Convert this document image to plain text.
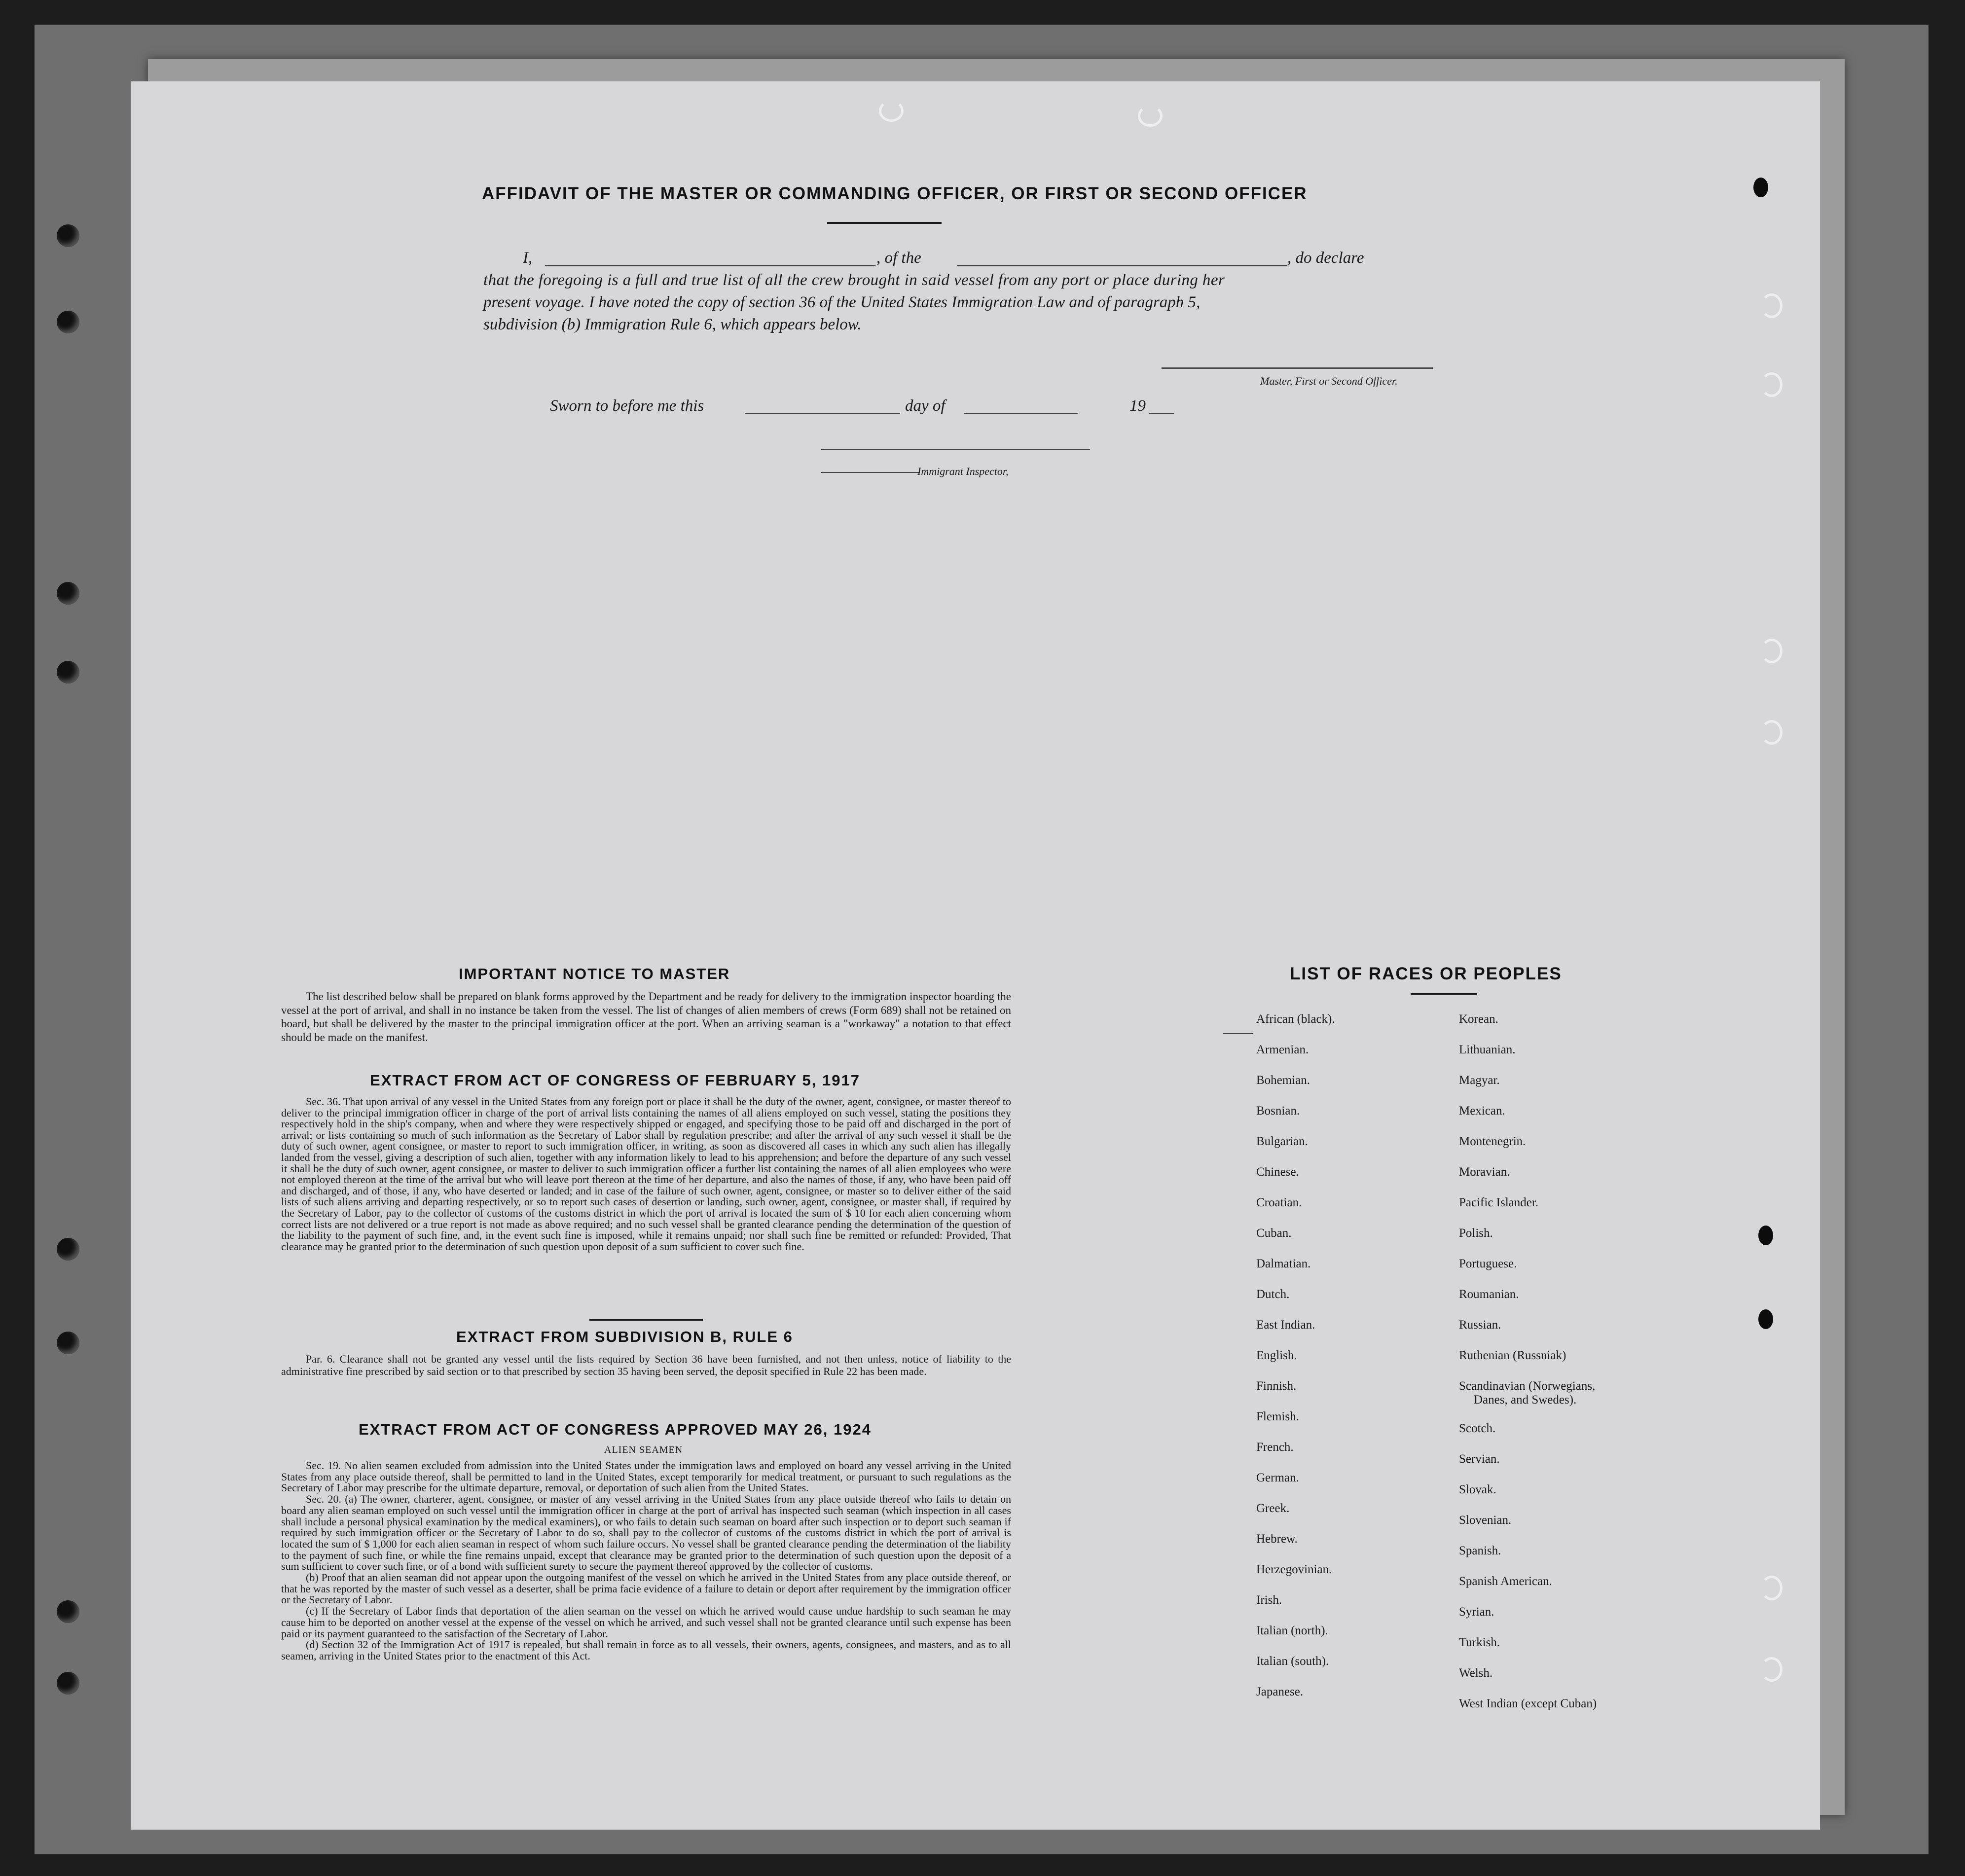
AFFIDAVIT OF THE MASTER OR COMMANDING OFFICER, OR FIRST OR SECOND OFFICER
I,	, of the	, do declare
that the foregoing is a full and true list of all the crew brought in said vessel from any port or place during her
present voyage. I have noted the copy of section 36 of the United States Immigration Law and of paragraph 5,
subdivision (b) Immigration Rule 6, which appears below.
Master, First or Second Officer.
Sworn to before me this	day of	19
Immigrant Inspector,
IMPORTANT NOTICE TO MASTER

The list described below shall be prepared on blank forms approved by the Department and be ready for delivery to the immigration inspector boarding the vessel at the port of arrival, and shall in no instance be taken from the vessel. The list of changes of alien members of crews (Form 689) shall not be retained on board, but shall be delivered by the master to the principal immigration officer at the port. When an arriving seaman is a "workaway" a notation to that effect should be made on the manifest.

EXTRACT FROM ACT OF CONGRESS OF FEBRUARY 5, 1917

Sec. 36. That upon arrival of any vessel in the United States from any foreign port or place it shall be the duty of the owner, agent, consignee, or master thereof to deliver to the principal immigration officer in charge of the port of arrival lists containing the names of all aliens employed on such vessel, stating the positions they respectively hold in the ship's company, when and where they were respectively shipped or engaged, and specifying those to be paid off and discharged in the port of arrival; or lists containing so much of such information as the Secretary of Labor shall by regulation prescribe; and after the arrival of any such vessel it shall be the duty of such owner, agent consignee, or master to report to such immigration officer, in writing, as soon as discovered all cases in which any such alien has illegally landed from the vessel, giving a description of such alien, together with any information likely to lead to his apprehension; and before the departure of any such vessel it shall be the duty of such owner, agent consignee, or master to deliver to such immigration officer a further list containing the names of all alien employees who were not employed thereon at the time of the arrival but who will leave port thereon at the time of her departure, and also the names of those, if any, who have been paid off and discharged, and of those, if any, who have deserted or landed; and in case of the failure of such owner, agent, consignee, or master so to deliver either of the said lists of such aliens arriving and departing respectively, or so to report such cases of desertion or landing, such owner, agent, consignee, or master shall, if required by the Secretary of Labor, pay to the collector of customs of the customs district in which the port of arrival is located the sum of $ 10 for each alien concerning whom correct lists are not delivered or a true report is not made as above required; and no such vessel shall be granted clearance pending the determination of the question of the liability to the payment of such fine, and, in the event such fine is imposed, while it remains unpaid; nor shall such fine be remitted or refunded: Provided, That clearance may be granted prior to the determination of such question upon deposit of a sum sufficient to cover such fine.

EXTRACT FROM SUBDIVISION B, RULE 6

Par. 6. Clearance shall not be granted any vessel until the lists required by Section 36 have been furnished, and not then unless, notice of liability to the administrative fine prescribed by said section or to that prescribed by section 35 having been served, the deposit specified in Rule 22 has been made.

EXTRACT FROM ACT OF CONGRESS APPROVED MAY 26, 1924
ALIEN SEAMEN

Sec. 19. No alien seamen excluded from admission into the United States under the immigration laws and employed on board any vessel arriving in the United States from any place outside thereof, shall be permitted to land in the United States, except temporarily for medical treatment, or pursuant to such regulations as the Secretary of Labor may prescribe for the ultimate departure, removal, or deportation of such alien from the United States.

Sec. 20. (a) The owner, charterer, agent, consignee, or master of any vessel arriving in the United States from any place outside thereof who fails to detain on board any alien seaman employed on such vessel until the immigration officer in charge at the port of arrival has inspected such seaman (which inspection in all cases shall include a personal physical examination by the medical examiners), or who fails to detain such seaman on board after such inspection or to deport such seaman if required by such immigration officer or the Secretary of Labor to do so, shall pay to the collector of customs of the customs district in which the port of arrival is located the sum of $ 1,000 for each alien seaman in respect of whom such failure occurs. No vessel shall be granted clearance pending the determination of the liability to the payment of such fine, or while the fine remains unpaid, except that clearance may be granted prior to the determination of such question upon the deposit of a sum sufficient to cover such fine, or of a bond with sufficient surety to secure the payment thereof approved by the collector of customs.

(b) Proof that an alien seaman did not appear upon the outgoing manifest of the vessel on which he arrived in the United States from any place outside thereof, or that he was reported by the master of such vessel as a deserter, shall be prima facie evidence of a failure to detain or deport after requirement by the immigration officer or the Secretary of Labor.

(c) If the Secretary of Labor finds that deportation of the alien seaman on the vessel on which he arrived would cause undue hardship to such seaman he may cause him to be deported on another vessel at the expense of the vessel on which he arrived, and such vessel shall not be granted clearance until such expense has been paid or its payment guaranteed to the satisfaction of the Secretary of Labor.

(d) Section 32 of the Immigration Act of 1917 is repealed, but shall remain in force as to all vessels, their owners, agents, consignees, and masters, and as to all seamen, arriving in the United States prior to the enactment of this Act.

LIST OF RACES OR PEOPLES
African (black).
Armenian.
Bohemian.
Bosnian.
Bulgarian.
Chinese.
Croatian.
Cuban.
Dalmatian.
Dutch.
East Indian.
English.
Finnish.
Flemish.
French.
German.
Greek.
Hebrew.
Herzegovinian.
Irish.
Italian (north).
Italian (south).
Japanese.
Korean.
Lithuanian.
Magyar.
Mexican.
Montenegrin.
Moravian.
Pacific Islander.
Polish.
Portuguese.
Roumanian.
Russian.
Ruthenian (Russniak)
Scandinavian (Norwegians,
Danes, and Swedes).
Scotch.
Servian.
Slovak.
Slovenian.
Spanish.
Spanish American.
Syrian.
Turkish.
Welsh.
West Indian (except Cuban)
